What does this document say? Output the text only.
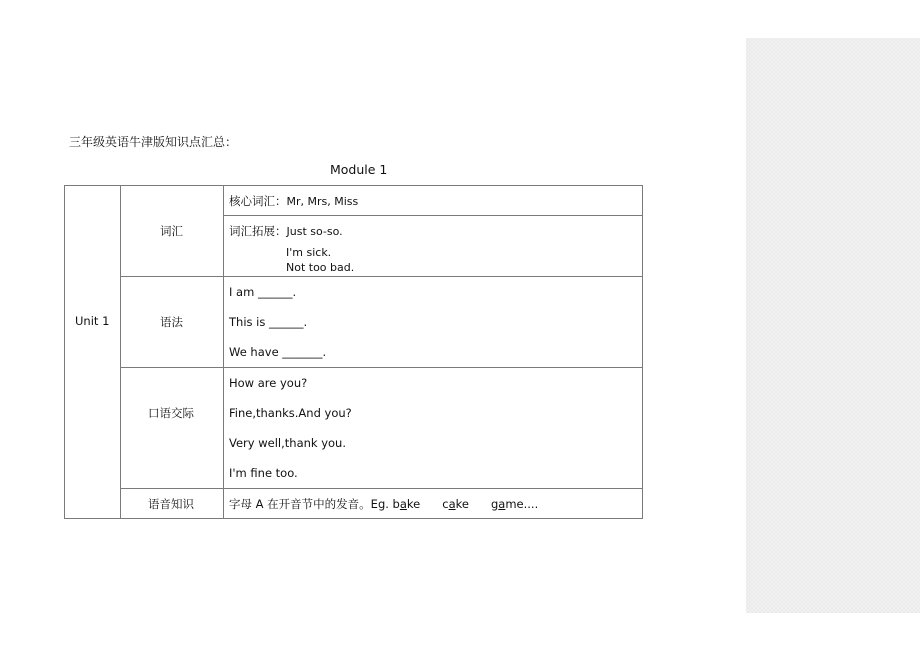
三年级英语牛津版知识点汇总：
Module 1
Unit 1
词汇
核心词汇：Mr, Mrs, Miss
词汇拓展：Just so-so.
I'm sick.
Not too bad.
语法
I am ______.
This is ______.
We have _______.
口语交际
How are you?
Fine,thanks.And you?
Very well,thank you.
I'm fine too.
语音知识	字母 A 在开音节中的发音。Eg. bake cake game....
